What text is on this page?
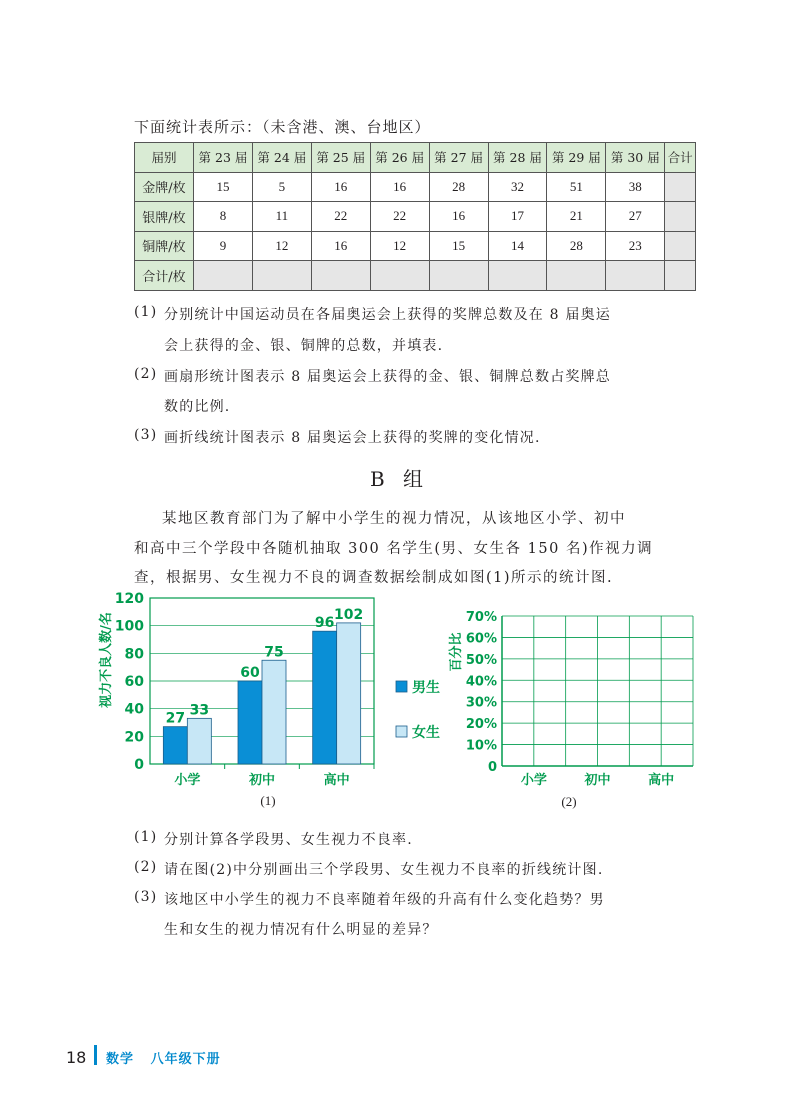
下面统计表所示：（未含港、澳、台地区）
届别	第 23 届	第 24 届	第 25 届	第 26 届	第 27 届	第 28 届	第 29 届	第 30 届	合计
金牌/枚	15	5	16	16	28	32	51	38	
银牌/枚	8	11	22	22	16	17	21	27	
铜牌/枚	9	12	16	12	15	14	28	23	
合计/枚									
(1) 分别统计中国运动员在各届奥运会上获得的奖牌总数及在 8 届奥运
会上获得的金、银、铜牌的总数，并填表.
(2) 画扇形统计图表示 8 届奥运会上获得的金、银、铜牌总数占奖牌总
数的比例.
(3) 画折线统计图表示 8 届奥运会上获得的奖牌的变化情况.
B 组
某地区教育部门为了解中小学生的视力情况，从该地区小学、初中
和高中三个学段中各随机抽取 300 名学生(男、女生各 150 名)作视力调
查，根据男、女生视力不良的调查数据绘制成如图(1)所示的统计图.
视力不良人数/名
0
20
40
60
80
100
120
27
33
60
75
96
102
小学	初中	高中
男生
女生
(1)
百分比
0
10%
20%
30%
40%
50%
60%
70%
小学	初中	高中
(2)
(1) 分别计算各学段男、女生视力不良率.
(2) 请在图(2)中分别画出三个学段男、女生视力不良率的折线统计图.
(3) 该地区中小学生的视力不良率随着年级的升高有什么变化趋势？男
生和女生的视力情况有什么明显的差异？
18 数学 八年级下册
